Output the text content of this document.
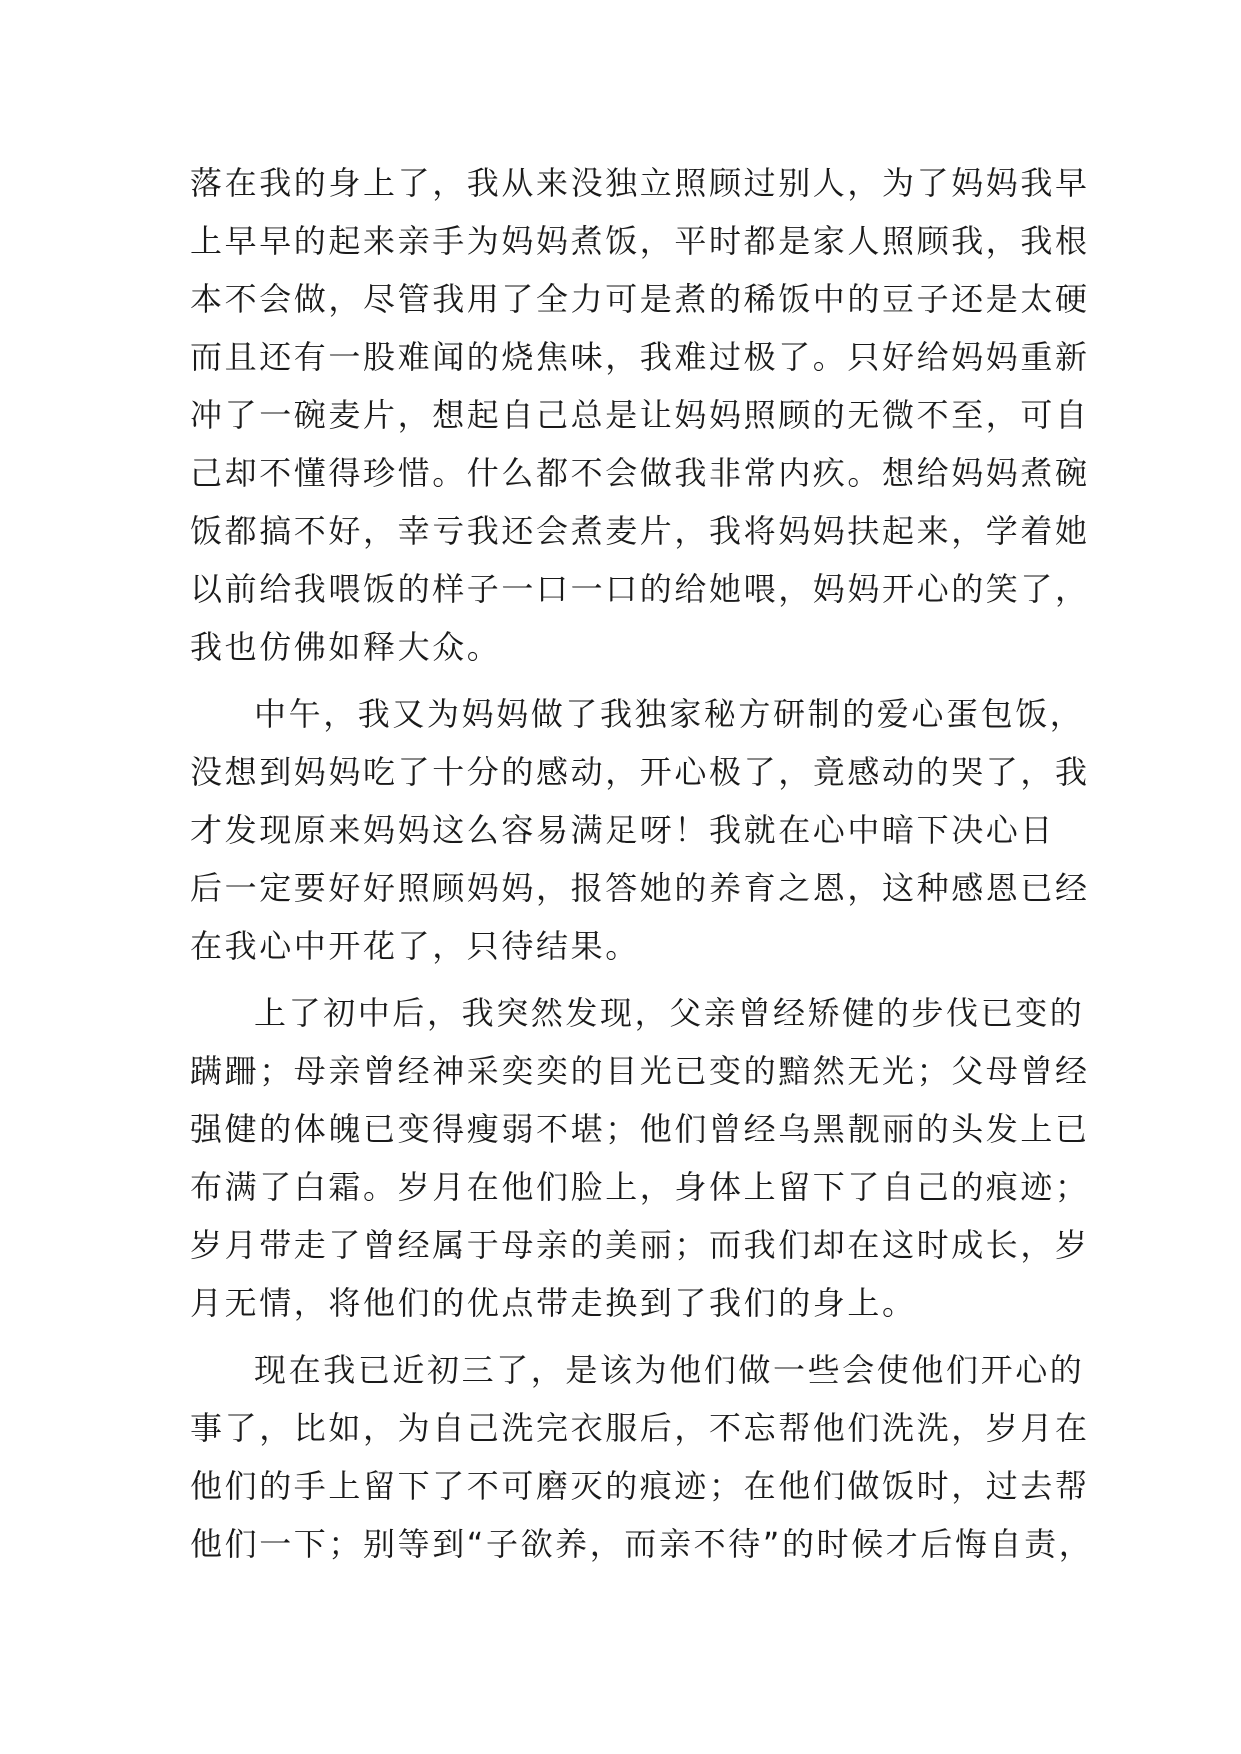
落在我的身上了，我从来没独立照顾过别人，为了妈妈我早
上早早的起来亲手为妈妈煮饭，平时都是家人照顾我，我根
本不会做，尽管我用了全力可是煮的稀饭中的豆子还是太硬
而且还有一股难闻的烧焦味，我难过极了。只好给妈妈重新
冲了一碗麦片，想起自己总是让妈妈照顾的无微不至，可自
己却不懂得珍惜。什么都不会做我非常内疚。想给妈妈煮碗
饭都搞不好，幸亏我还会煮麦片，我将妈妈扶起来，学着她
以前给我喂饭的样子一口一口的给她喂，妈妈开心的笑了，
我也仿佛如释大众。
中午，我又为妈妈做了我独家秘方研制的爱心蛋包饭，
没想到妈妈吃了十分的感动，开心极了，竟感动的哭了，我
才发现原来妈妈这么容易满足呀！我就在心中暗下决心日
后一定要好好照顾妈妈，报答她的养育之恩，这种感恩已经
在我心中开花了，只待结果。
上了初中后，我突然发现，父亲曾经矫健的步伐已变的
蹒跚；母亲曾经神采奕奕的目光已变的黯然无光；父母曾经
强健的体魄已变得瘦弱不堪；他们曾经乌黑靓丽的头发上已
布满了白霜。岁月在他们脸上，身体上留下了自己的痕迹；
岁月带走了曾经属于母亲的美丽；而我们却在这时成长，岁
月无情，将他们的优点带走换到了我们的身上。
现在我已近初三了，是该为他们做一些会使他们开心的
事了，比如，为自己洗完衣服后，不忘帮他们洗洗，岁月在
他们的手上留下了不可磨灭的痕迹；在他们做饭时，过去帮
他们一下；别等到“子欲养，而亲不待”的时候才后悔自责，
